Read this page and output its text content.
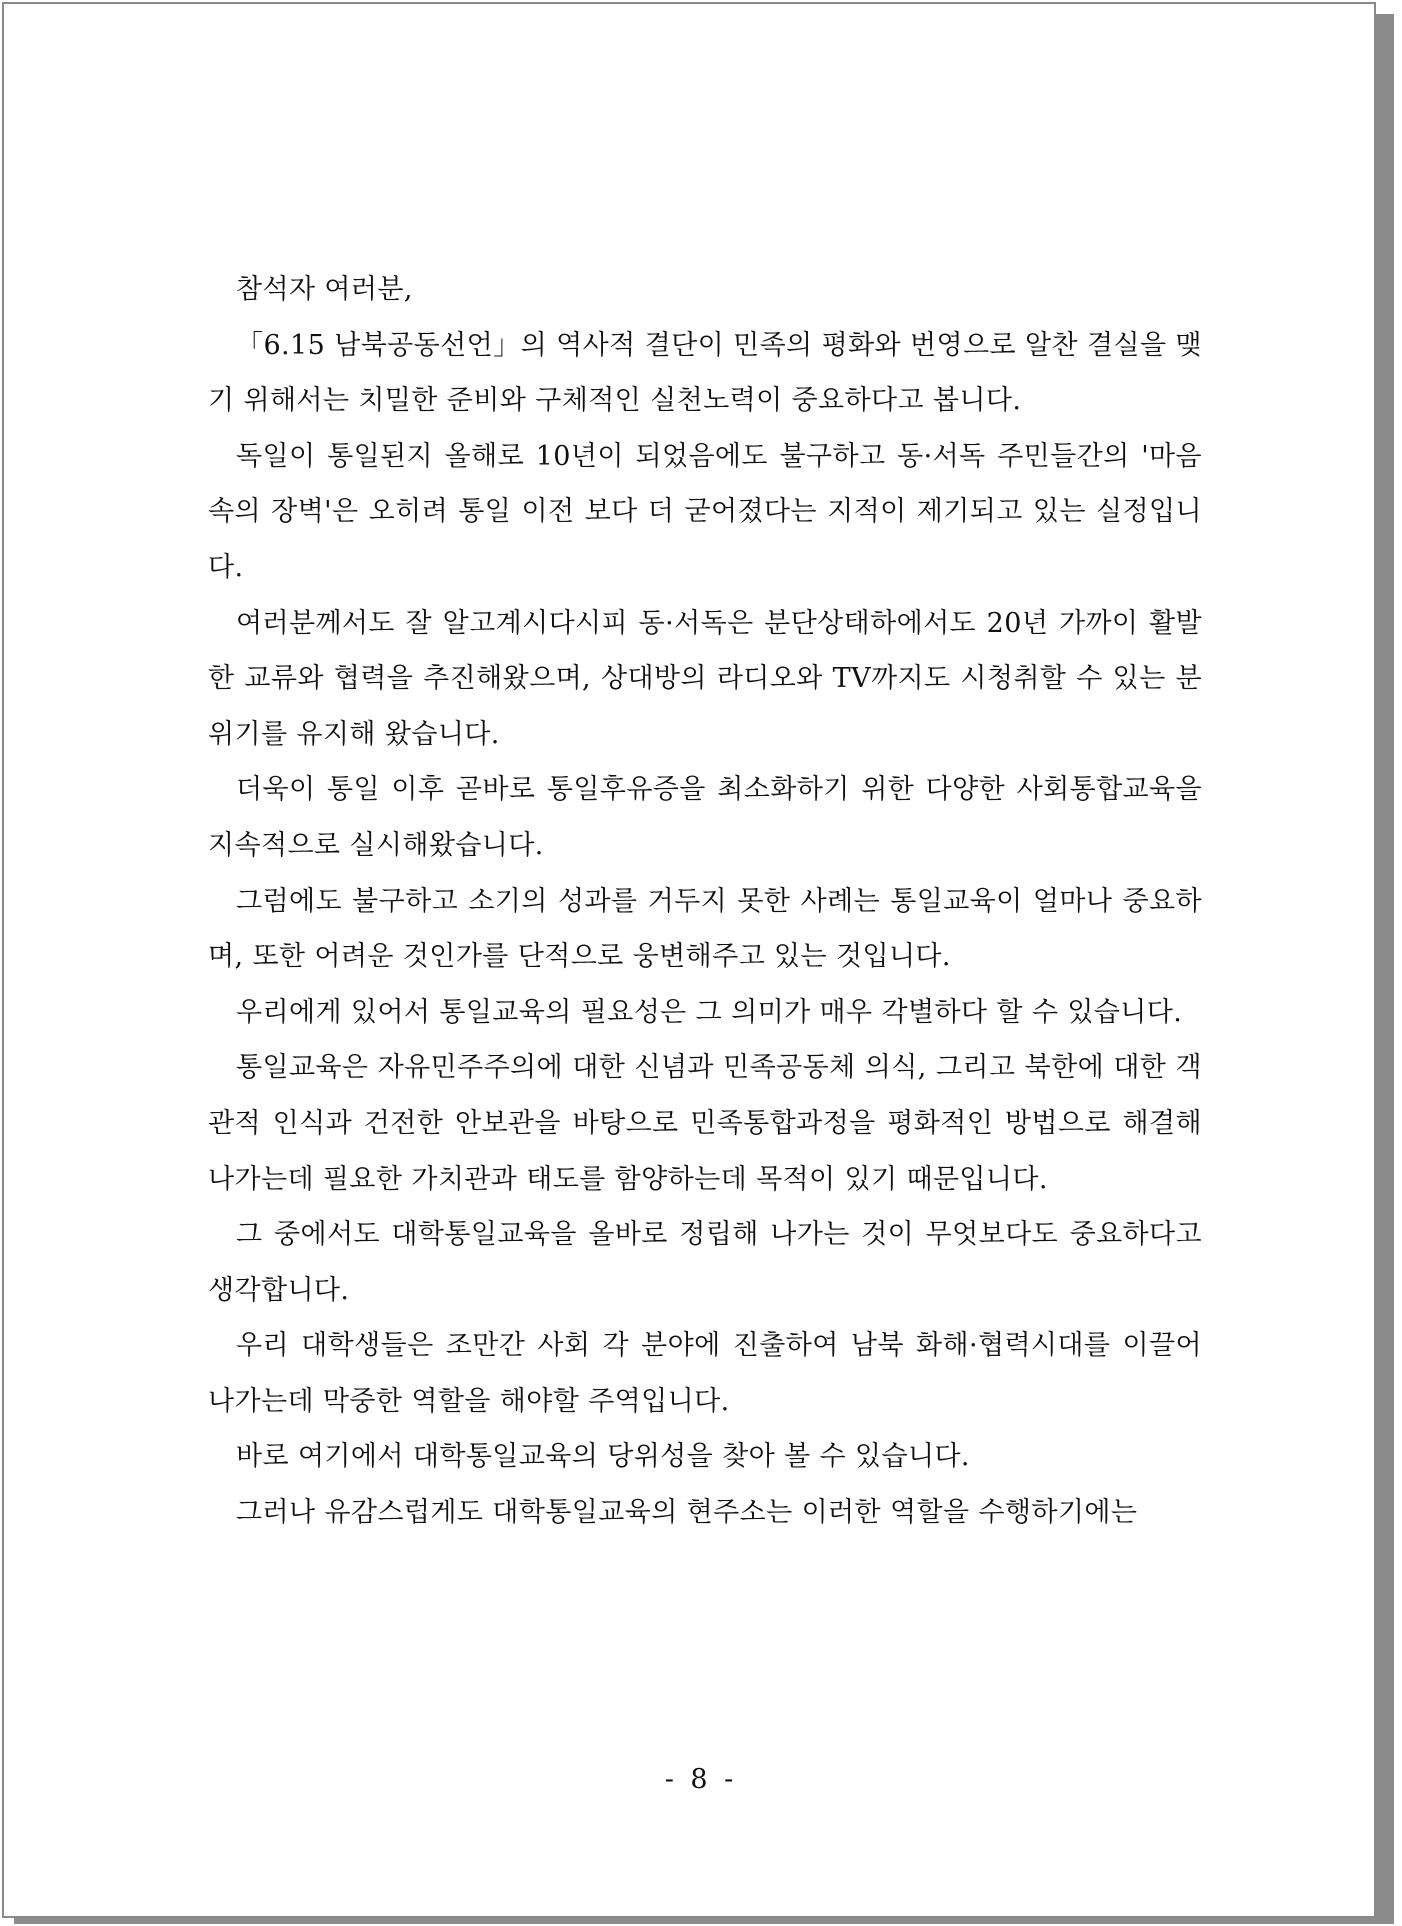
참석자 여러분,

「6.15 남북공동선언」의 역사적 결단이 민족의 평화와 번영으로 알찬 결실을 맺기 위해서는 치밀한 준비와 구체적인 실천노력이 중요하다고 봅니다.

독일이 통일된지 올해로 10년이 되었음에도 불구하고 동·서독 주민들간의 '마음속의 장벽'은 오히려 통일 이전 보다 더 굳어졌다는 지적이 제기되고 있는 실정입니다.

여러분께서도 잘 알고계시다시피 동·서독은 분단상태하에서도 20년 가까이 활발한 교류와 협력을 추진해왔으며, 상대방의 라디오와 TV까지도 시청취할 수 있는 분위기를 유지해 왔습니다.

더욱이 통일 이후 곧바로 통일후유증을 최소화하기 위한 다양한 사회통합교육을 지속적으로 실시해왔습니다.

그럼에도 불구하고 소기의 성과를 거두지 못한 사례는 통일교육이 얼마나 중요하며, 또한 어려운 것인가를 단적으로 웅변해주고 있는 것입니다.

우리에게 있어서 통일교육의 필요성은 그 의미가 매우 각별하다 할 수 있습니다.

통일교육은 자유민주주의에 대한 신념과 민족공동체 의식, 그리고 북한에 대한 객관적 인식과 건전한 안보관을 바탕으로 민족통합과정을 평화적인 방법으로 해결해 나가는데 필요한 가치관과 태도를 함양하는데 목적이 있기 때문입니다.

그 중에서도 대학통일교육을 올바로 정립해 나가는 것이 무엇보다도 중요하다고 생각합니다.

우리 대학생들은 조만간 사회 각 분야에 진출하여 남북 화해·협력시대를 이끌어 나가는데 막중한 역할을 해야할 주역입니다.

바로 여기에서 대학통일교육의 당위성을 찾아 볼 수 있습니다.

그러나 유감스럽게도 대학통일교육의 현주소는 이러한 역할을 수행하기에는

- 8 -
